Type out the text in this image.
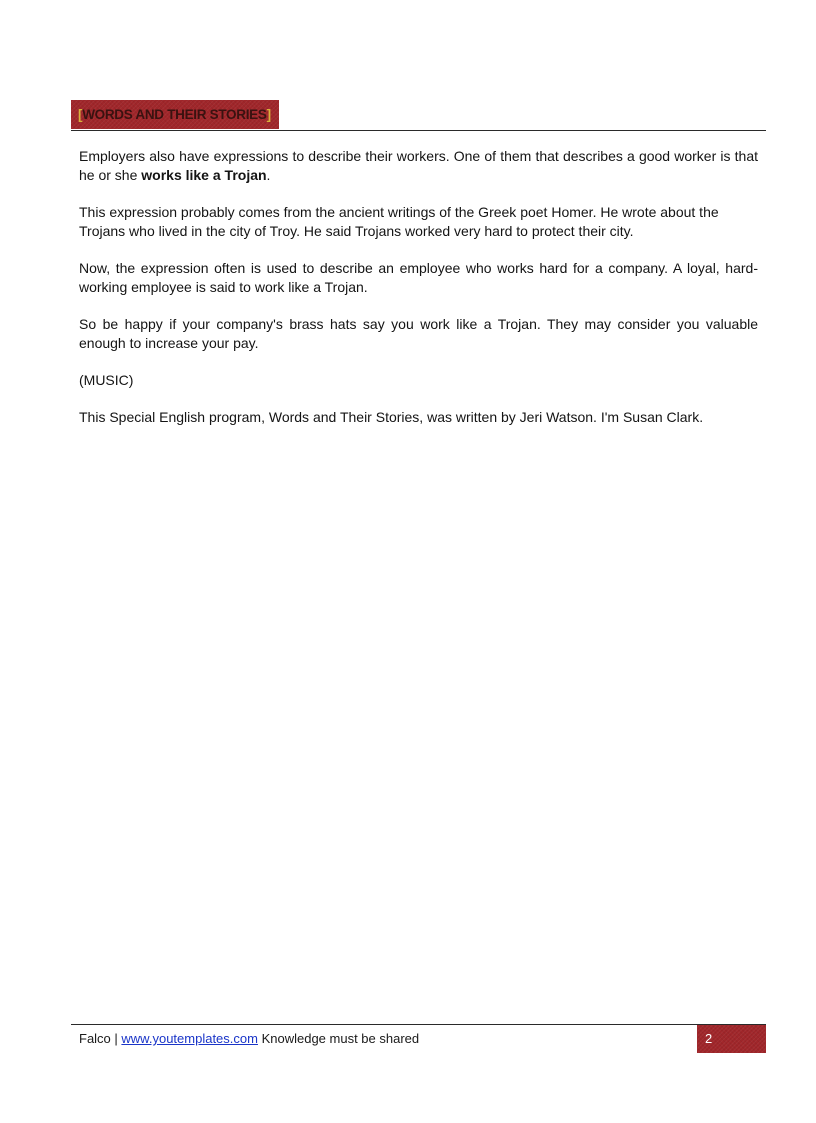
[ WORDS AND THEIR STORIES ]

Employers also have expressions to describe their workers. One of them that describes a good worker is that he or she works like a Trojan.

This expression probably comes from the ancient writings of the Greek poet Homer. He wrote about the Trojans who lived in the city of Troy. He said Trojans worked very hard to protect their city.

Now, the expression often is used to describe an employee who works hard for a company. A loyal, hard-working employee is said to work like a Trojan.

So be happy if your company's brass hats say you work like a Trojan. They may consider you valuable enough to increase your pay.

(MUSIC)

This Special English program, Words and Their Stories, was written by Jeri Watson. I'm Susan Clark.

Falco | www.youtemplates.com Knowledge must be shared	2
